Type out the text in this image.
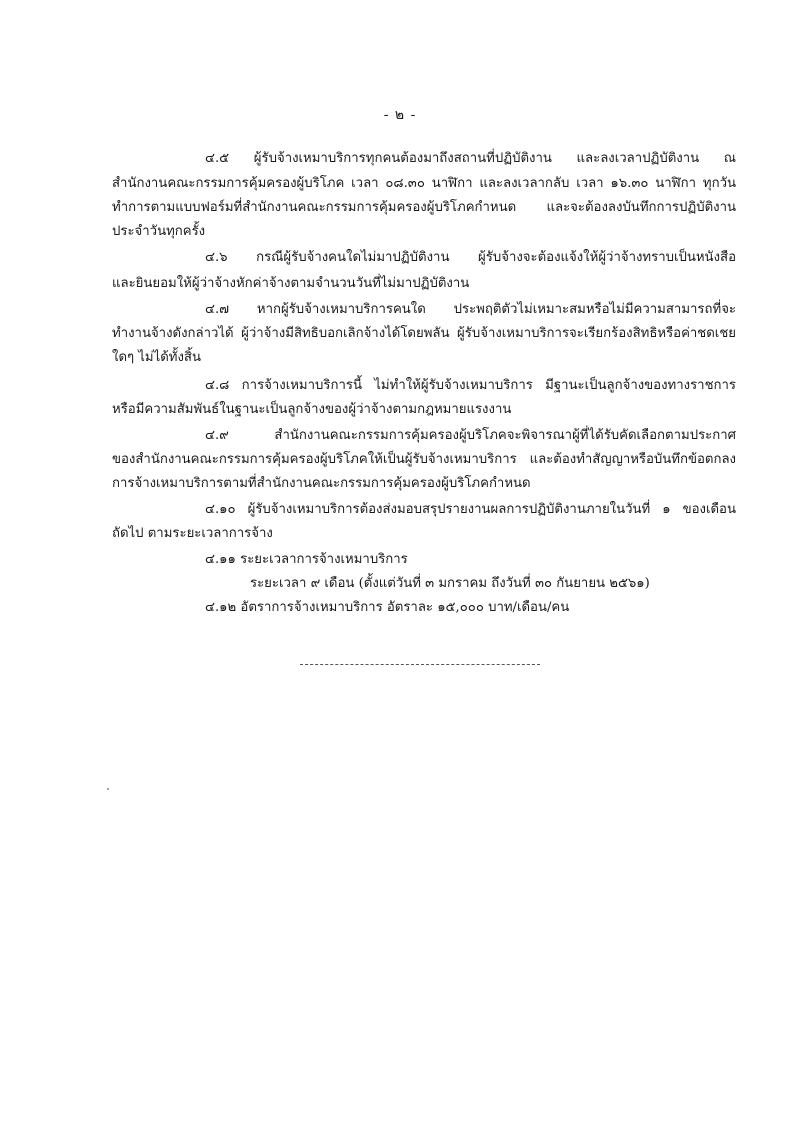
- ๒ -
๔.๕ ผู้รับจ้างเหมาบริการทุกคนต้องมาถึงสถานที่ปฏิบัติงาน และลงเวลาปฏิบัติงาน ณ
สำนักงานคณะกรรมการคุ้มครองผู้บริโภค เวลา ๐๘.๓๐ นาฬิกา และลงเวลากลับ เวลา ๑๖.๓๐ นาฬิกา ทุกวัน
ทำการตามแบบฟอร์มที่สำนักงานคณะกรรมการคุ้มครองผู้บริโภคกำหนด และจะต้องลงบันทึกการปฏิบัติงาน
ประจำวันทุกครั้ง
๔.๖ กรณีผู้รับจ้างคนใดไม่มาปฏิบัติงาน ผู้รับจ้างจะต้องแจ้งให้ผู้ว่าจ้างทราบเป็นหนังสือ
และยินยอมให้ผู้ว่าจ้างหักค่าจ้างตามจำนวนวันที่ไม่มาปฏิบัติงาน
๔.๗ หากผู้รับจ้างเหมาบริการคนใด ประพฤติตัวไม่เหมาะสมหรือไม่มีความสามารถที่จะ
ทำงานจ้างดังกล่าวได้ ผู้ว่าจ้างมีสิทธิบอกเลิกจ้างได้โดยพลัน ผู้รับจ้างเหมาบริการจะเรียกร้องสิทธิหรือค่าชดเชย
ใดๆ ไม่ได้ทั้งสิ้น
๔.๘ การจ้างเหมาบริการนี้ ไม่ทำให้ผู้รับจ้างเหมาบริการ มีฐานะเป็นลูกจ้างของทางราชการ
หรือมีความสัมพันธ์ในฐานะเป็นลูกจ้างของผู้ว่าจ้างตามกฎหมายแรงงาน
๔.๙ สำนักงานคณะกรรมการคุ้มครองผู้บริโภคจะพิจารณาผู้ที่ได้รับคัดเลือกตามประกาศ
ของสำนักงานคณะกรรมการคุ้มครองผู้บริโภคให้เป็นผู้รับจ้างเหมาบริการ และต้องทำสัญญาหรือบันทึกข้อตกลง
การจ้างเหมาบริการตามที่สำนักงานคณะกรรมการคุ้มครองผู้บริโภคกำหนด
๔.๑๐ ผู้รับจ้างเหมาบริการต้องส่งมอบสรุปรายงานผลการปฏิบัติงานภายในวันที่ ๑ ของเดือน
ถัดไป ตามระยะเวลาการจ้าง
๔.๑๑ ระยะเวลาการจ้างเหมาบริการ
ระยะเวลา ๙ เดือน (ตั้งแต่วันที่ ๓ มกราคม ถึงวันที่ ๓๐ กันยายน ๒๕๖๑)
๔.๑๒ อัตราการจ้างเหมาบริการ อัตราละ ๑๕,๐๐๐ บาท/เดือน/คน
